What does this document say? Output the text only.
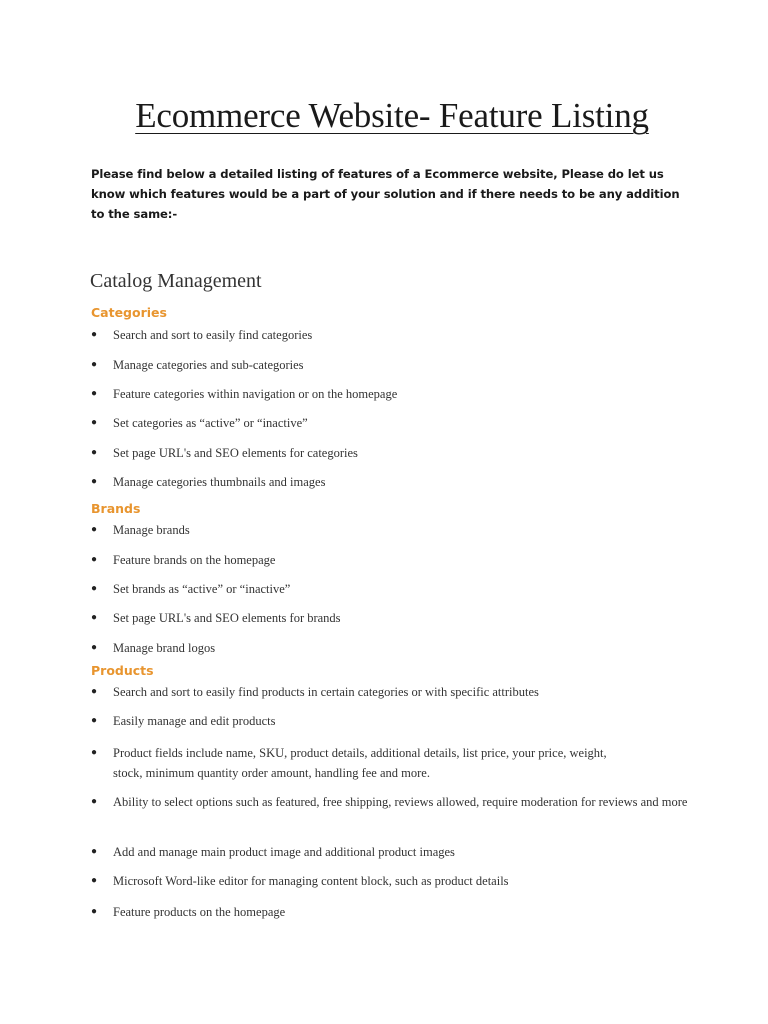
Ecommerce Website- Feature Listing

Please find below a detailed listing of features of a Ecommerce website, Please do let us know which features would be a part of your solution and if there needs to be any addition to the same:-

Catalog Management
Categories
●	Search and sort to easily find categories
●	Manage categories and sub-categories
●	Feature categories within navigation or on the homepage
●	Set categories as “active” or “inactive”
●	Set page URL's and SEO elements for categories
●	Manage categories thumbnails and images
Brands
●	Manage brands
●	Feature brands on the homepage
●	Set brands as “active” or “inactive”
●	Set page URL's and SEO elements for brands
●	Manage brand logos
Products
●	Search and sort to easily find products in certain categories or with specific attributes
●	Easily manage and edit products
●	Product fields include name, SKU, product details, additional details, list price, your price, weight, stock, minimum quantity order amount, handling fee and more.
●	Ability to select options such as featured, free shipping, reviews allowed, require moderation for reviews and more
●	Add and manage main product image and additional product images
●	Microsoft Word-like editor for managing content block, such as product details
●	Feature products on the homepage
